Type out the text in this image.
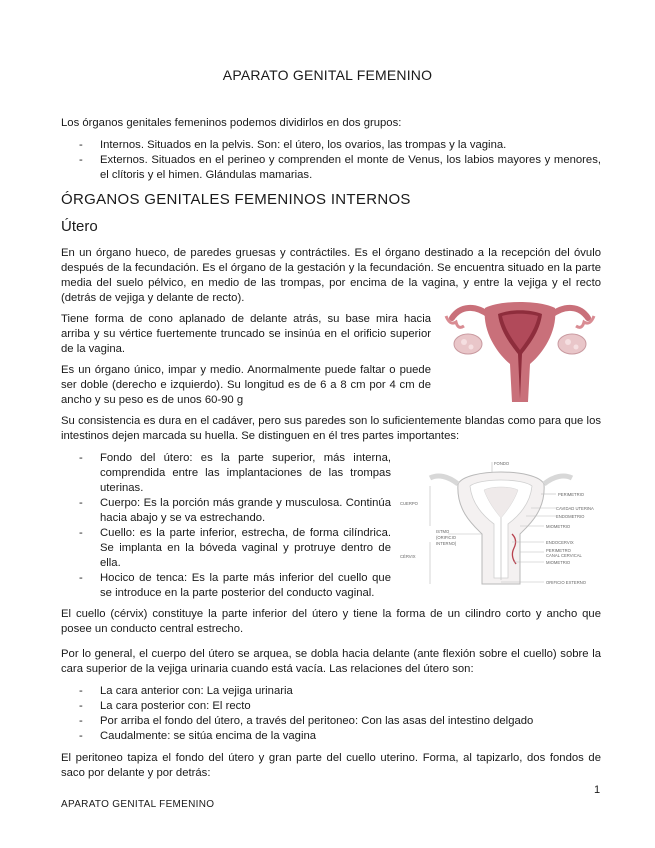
APARATO GENITAL FEMENINO

Los órganos genitales femeninos podemos dividirlos en dos grupos:

- Internos. Situados en la pelvis. Son: el útero, los ovarios, las trompas y la vagina.
- Externos. Situados en el perineo y comprenden el monte de Venus, los labios mayores y menores, el clítoris y el himen. Glándulas mamarias.
ÓRGANOS GENITALES FEMENINOS INTERNOS
Útero

En un órgano hueco, de paredes gruesas y contráctiles. Es el órgano destinado a la recepción del óvulo después de la fecundación. Es el órgano de la gestación y la fecundación. Se encuentra situado en la parte media del suelo pélvico, en medio de las trompas, por encima de la vagina, y entre la vejiga y el recto (detrás de vejiga y delante de recto).

Tiene forma de cono aplanado de delante atrás, su base mira hacia arriba y su vértice fuertemente truncado se insinúa en el orificio superior de la vagina.

Es un órgano único, impar y medio. Anormalmente puede faltar o puede ser doble (derecho e izquierdo). Su longitud es de 6 a 8 cm por 4 cm de ancho y su peso es de unos 60-90 g

Su consistencia es dura en el cadáver, pero sus paredes son lo suficientemente blandas como para que los intestinos dejen marcada su huella. Se distinguen en él tres partes importantes:

- Fondo del útero: es la parte superior, más interna, comprendida entre las implantaciones de las trompas uterinas.
- Cuerpo: Es la porción más grande y musculosa. Continúa hacia abajo y se va estrechando.
- Cuello: es la parte inferior, estrecha, de forma cilíndrica. Se implanta en la bóveda vaginal y protruye dentro de ella.
- Hocico de tenca: Es la parte más inferior del cuello que se introduce en la parte posterior del conducto vaginal.
FONDO
CUERPO
ISTMO
(ORIFICIO
INTERNO)
CÉRVIX
PERIMETRIO
CAVIDAD UTERINA
ENDOMETRIO
MIOMETRIO
ENDOCERVIX
PERIMETRO
CANAL CERVICAL
MIOMETRIO
ORIFICIO EXTERNO

El cuello (cérvix) constituye la parte inferior del útero y tiene la forma de un cilindro corto y ancho que posee un conducto central estrecho.

Por lo general, el cuerpo del útero se arquea, se dobla hacia delante (ante flexión sobre el cuello) sobre la cara superior de la vejiga urinaria cuando está vacía. Las relaciones del útero son:

- La cara anterior con: La vejiga urinaria
- La cara posterior con: El recto
- Por arriba el fondo del útero, a través del peritoneo: Con las asas del intestino delgado
- Caudalmente: se sitúa encima de la vagina

El peritoneo tapiza el fondo del útero y gran parte del cuello uterino. Forma, al tapizarlo, dos fondos de saco por delante y por detrás:

1
APARATO GENITAL FEMENINO
